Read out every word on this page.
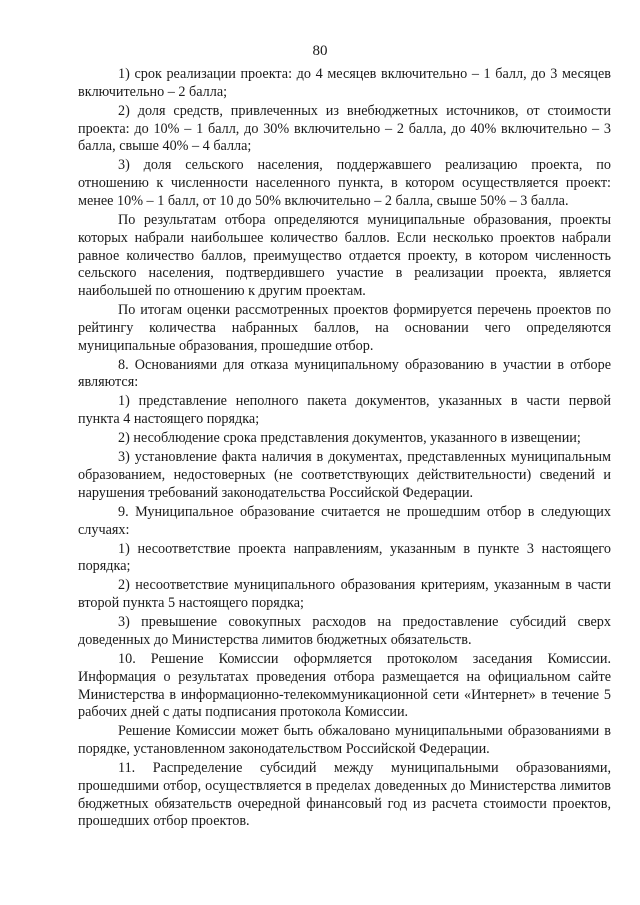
80

1) срок реализации проекта: до 4 месяцев включительно – 1 балл, до 3 месяцев включительно – 2 балла;

2) доля средств, привлеченных из внебюджетных источников, от стоимости проекта: до 10% – 1 балл, до 30% включительно – 2 балла, до 40% включительно – 3 балла, свыше 40% – 4 балла;

3) доля сельского населения, поддержавшего реализацию проекта, по отношению к численности населенного пункта, в котором осуществляется проект: менее 10% – 1 балл, от 10 до 50% включительно – 2 балла, свыше 50% – 3 балла.

По результатам отбора определяются муниципальные образования, проекты которых набрали наибольшее количество баллов. Если несколько проектов набрали равное количество баллов, преимущество отдается проекту, в котором численность сельского населения, подтвердившего участие в реализации проекта, является наибольшей по отношению к другим проектам.

По итогам оценки рассмотренных проектов формируется перечень проектов по рейтингу количества набранных баллов, на основании чего определяются муниципальные образования, прошедшие отбор.

8. Основаниями для отказа муниципальному образованию в участии в отборе являются:

1) представление неполного пакета документов, указанных в части первой пункта 4 настоящего порядка;

2) несоблюдение срока представления документов, указанного в извещении;

3) установление факта наличия в документах, представленных муниципальным образованием, недостоверных (не соответствующих действительности) сведений и нарушения требований законодательства Российской Федерации.

9. Муниципальное образование считается не прошедшим отбор в следующих случаях:

1) несоответствие проекта направлениям, указанным в пункте 3 настоящего порядка;

2) несоответствие муниципального образования критериям, указанным в части второй пункта 5 настоящего порядка;

3) превышение совокупных расходов на предоставление субсидий сверх доведенных до Министерства лимитов бюджетных обязательств.

10. Решение Комиссии оформляется протоколом заседания Комиссии. Информация о результатах проведения отбора размещается на официальном сайте Министерства в информационно-телекоммуникационной сети «Интернет» в течение 5 рабочих дней с даты подписания протокола Комиссии.

Решение Комиссии может быть обжаловано муниципальными образованиями в порядке, установленном законодательством Российской Федерации.

11. Распределение субсидий между муниципальными образованиями, прошедшими отбор, осуществляется в пределах доведенных до Министерства лимитов бюджетных обязательств очередной финансовый год из расчета стоимости проектов, прошедших отбор проектов.
